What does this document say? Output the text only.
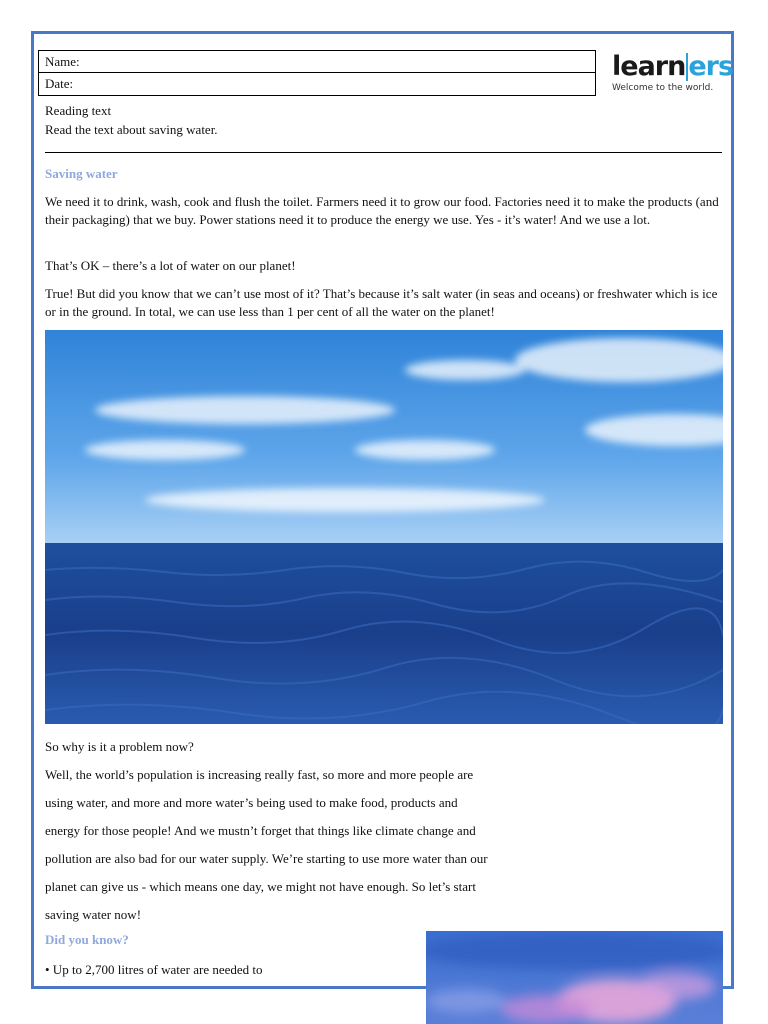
Name:
Date:
learn ers
Welcome to the world.
Reading text
Read the text about saving water.
Saving water

We need it to drink, wash, cook and flush the toilet. Farmers need it to grow our food. Factories need it to make the products (and their packaging) that we buy. Power stations need it to produce the energy we use. Yes - it’s water! And we use a lot.

That’s OK – there’s a lot of water on our planet!

True! But did you know that we can’t use most of it? That’s because it’s salt water (in seas and oceans) or freshwater which is ice or in the ground. In total, we can use less than 1 per cent of all the water on the planet!

So why is it a problem now?

Well, the world’s population is increasing really fast, so more and more people are

using water, and more and more water’s being used to make food, products and

energy for those people! And we mustn’t forget that things like climate change and

pollution are also bad for our water supply. We’re starting to use more water than our

planet can give us - which means one day, we might not have enough. So let’s start

saving water now!

Did you know?
• Up to 2,700 litres of water are needed to
